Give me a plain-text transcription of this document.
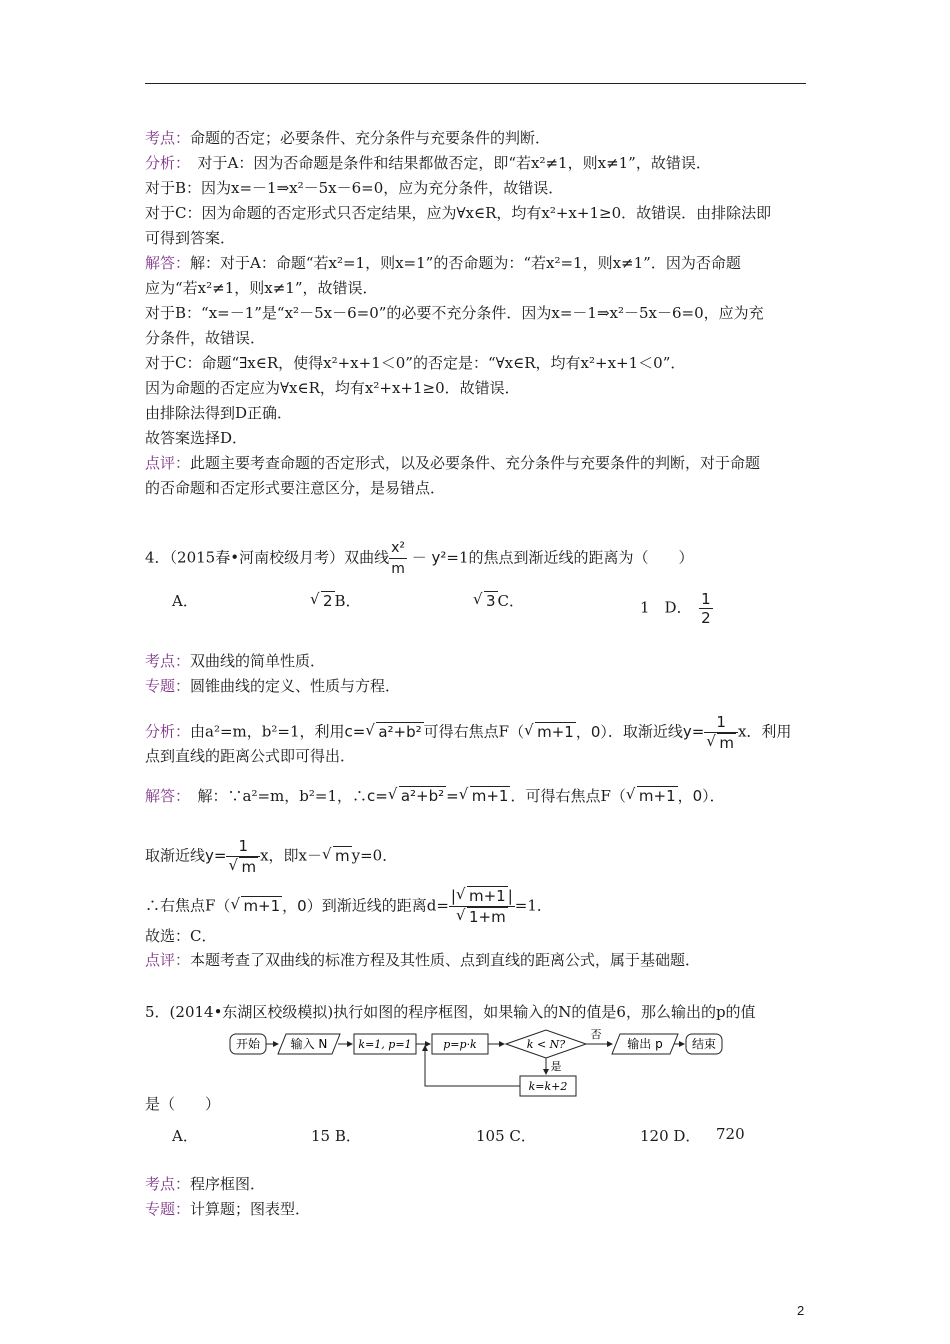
考点：命题的否定；必要条件、充分条件与充要条件的判断．
分析：　对于A：因为否命题是条件和结果都做否定，即“若x²≠1，则x≠1”，故错误．
对于B：因为x=－1⇒x²－5x－6=0，应为充分条件，故错误．
对于C：因为命题的否定形式只否定结果，应为∀x∈R，均有x²+x+1≥0．故错误．由排除法即
可得到答案．
解答：解：对于A：命题“若x²=1，则x=1”的否命题为：“若x²=1，则x≠1”．因为否命题
应为“若x²≠1，则x≠1”，故错误．
对于B：“x=－1”是“x²－5x－6=0”的必要不充分条件．因为x=－1⇒x²－5x－6=0，应为充
分条件，故错误．
对于C：命题“∃x∈R，使得x²+x+1＜0”的否定是：“∀x∈R，均有x²+x+1＜0”．
因为命题的否定应为∀x∈R，均有x²+x+1≥0．故错误．
由排除法得到D正确．
故答案选择D．
点评：此题主要考查命题的否定形式，以及必要条件、充分条件与充要条件的判断，对于命题
的否命题和否定形式要注意区分，是易错点．
4．（2015春•河南校级月考）双曲线 $\frac{\text{x²}}{m} - y^2=1$的焦点到渐近线的距离为（　　）
A．	√ 2 B．	√ 3 C．	1　D．　 $\frac{1}{2}$
考点：双曲线的简单性质．
专题：圆锥曲线的定义、性质与方程．
分析：由a²=m，b²=1，利用c= √ a²+b² 可得右焦点F（ √ m+1 ，0）．取渐近线$y= \frac{1}{√ m}$ x．利用
点到直线的距离公式即可得出．
解答：　解：∵a²=m，b²=1，∴c= √ a²+b² = √ m+1 ．可得右焦点F（ √ m+1 ，0）．
取渐近线$y= \frac{1}{√ m}$ x，即x－ √ m y=0．
∴右焦点F（ √ m+1 ，0）到渐近线的距离$d= \frac{| √ m+1 |}{√ 1+m} =1$．
故选：C．
点评：本题考查了双曲线的标准方程及其性质、点到直线的距离公式，属于基础题．
5．(2014•东湖区校级模拟)执行如图的程序框图，如果输入的N的值是6，那么输出的p的值
开始	输入 N	k=1, p=1	p=p·k	k < N?
否
输出 p 结束
是
k=k+2
是（　　）
A．	15 B．	105 C．	120 D． 720
考点：程序框图．
专题：计算题；图表型．
2
